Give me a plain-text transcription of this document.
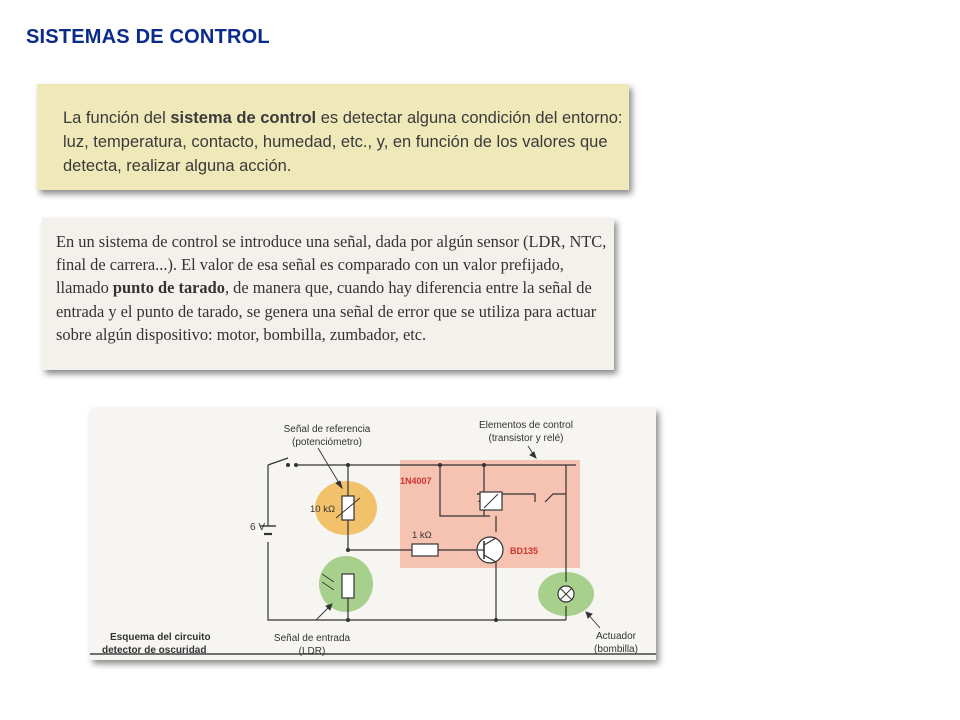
SISTEMAS DE CONTROL

La función del sistema de control es detectar alguna condición del entorno: luz, temperatura, contacto, humedad, etc., y, en función de los valores que detecta, realizar alguna acción.

En un sistema de control se introduce una señal, dada por algún sensor (LDR, NTC, final de carrera...). El valor de esa señal es comparado con un valor prefijado, llamado punto de tarado, de manera que, cuando hay diferencia entre la señal de entrada y el punto de tarado, se genera una señal de error que se utiliza para actuar sobre algún dispositivo: motor, bombilla, zumbador, etc.

Señal de referencia
(potenciómetro)
Elementos de control
(transistor y relé)
1N4007
10 kΩ
6 V
1 kΩ
BD135
Esquema del circuito
detector de oscuridad
Señal de entrada
(LDR)
Actuador
(bombilla)
